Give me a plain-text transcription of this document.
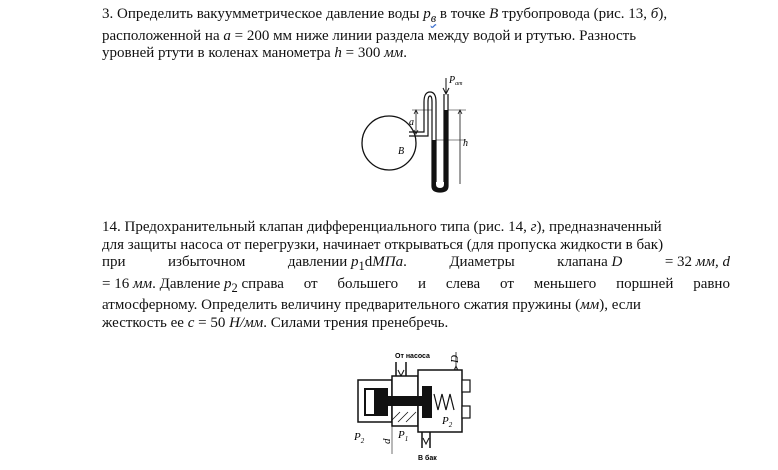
3. Определить вакуумметрическое давление воды $p_в$ в точке B трубопровода (рис. 13, б),
расположенной на a = 200 мм ниже линии раздела между водой и ртутью. Разность
уровней ртути в коленах манометра h = 300 мм.
$P_{ат}$
a
B
h
14. Предохранительный клапан дифференциального типа (рис. 14, г), предназначенный
для защиты насоса от перегрузки, начинает открываться (для пропуска жидкости в бак)
при	избыточном	давлении $p_1dМПа$.	Диаметры	клапана D	= 32 мм, d
= 16 мм. Давление $p_2$ справа от большего и слева от меньшего поршней равно
атмосферному. Определить величину предварительного сжатия пружины (мм), если
жесткость ее c = 50 Н/мм. Силами трения пренебречь.
От насоса D
В бак
d
$P_2$	$P_1$
$P_2$
